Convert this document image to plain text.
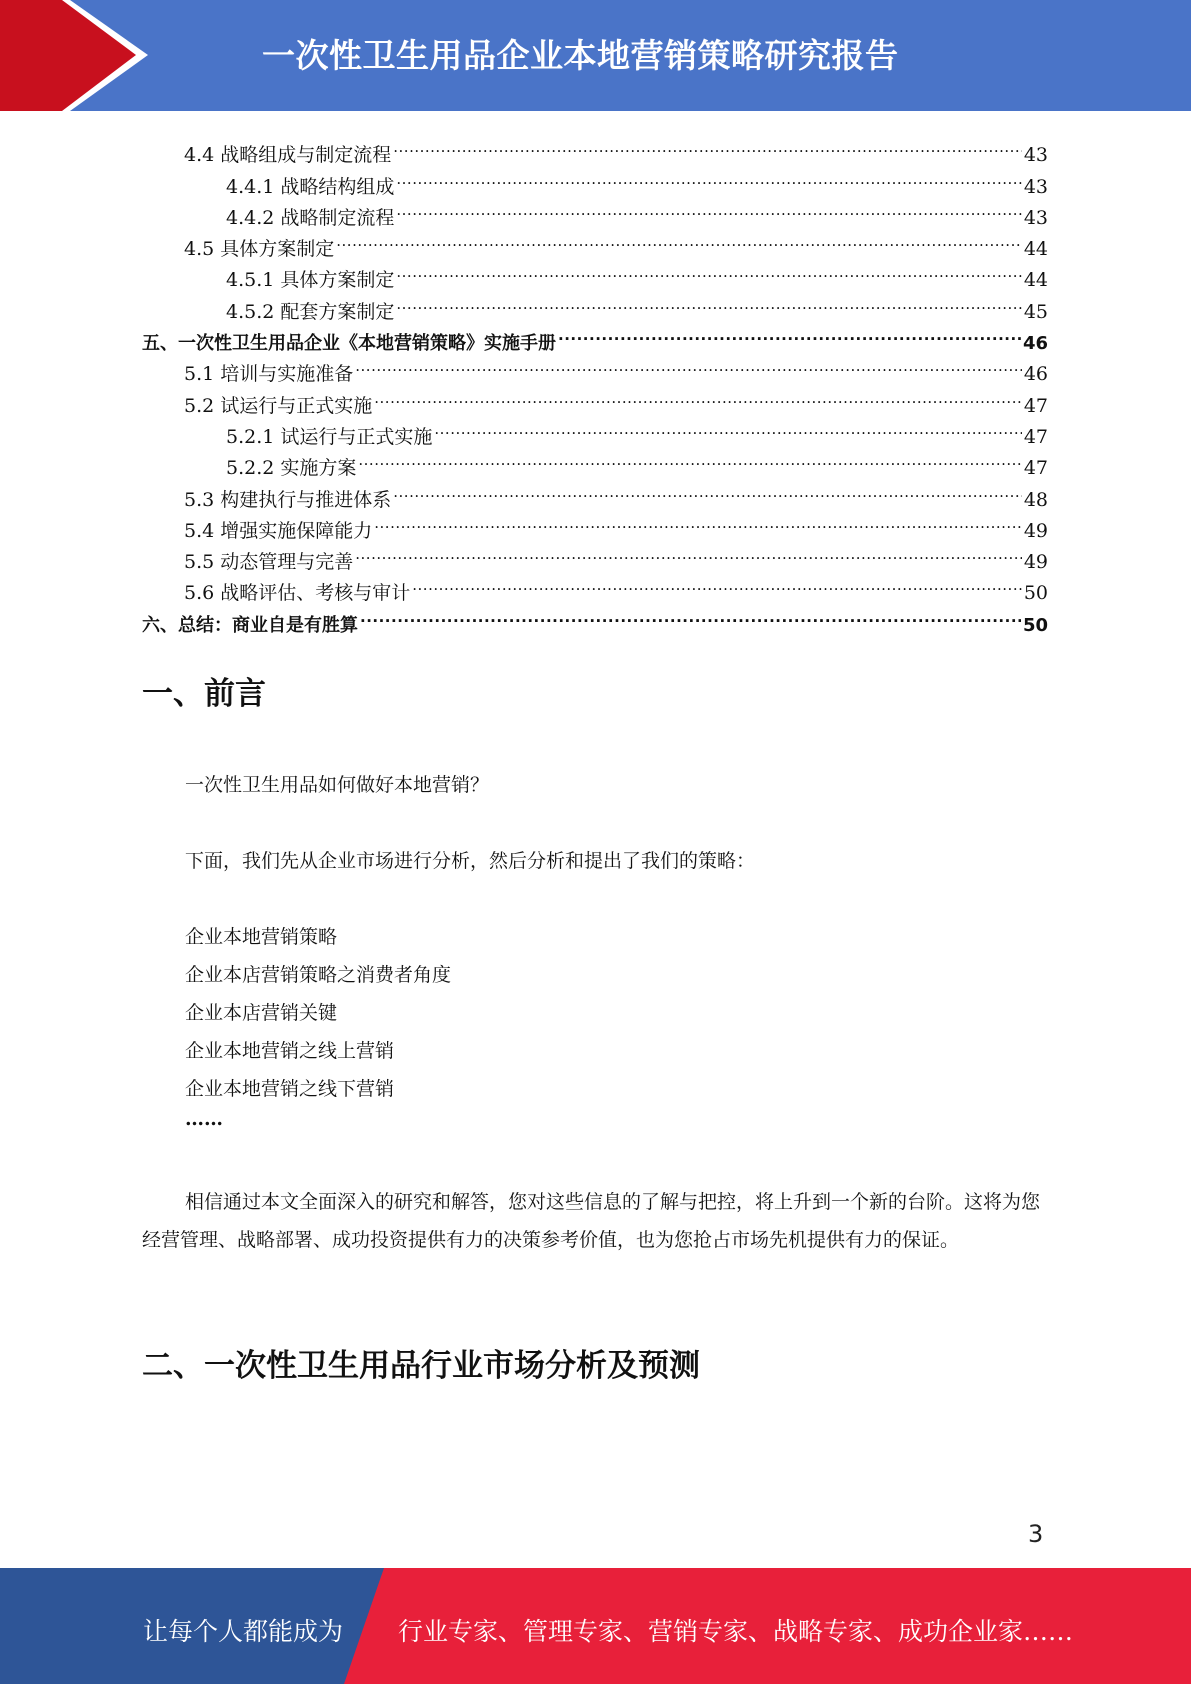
一次性卫生用品企业本地营销策略研究报告
4.4 战略组成与制定流程 .....	43
4.4.1 战略结构组成 .....	43
4.4.2 战略制定流程 .....	43
4.5 具体方案制定 .....	44
4.5.1 具体方案制定 .....	44
4.5.2 配套方案制定 .....	45
五、一次性卫生用品企业《本地营销策略》实施手册 .....	46
5.1 培训与实施准备 .....	46
5.2 试运行与正式实施 .....	47
5.2.1 试运行与正式实施 .....	47
5.2.2 实施方案 .....	47
5.3 构建执行与推进体系 .....	48
5.4 增强实施保障能力 .....	49
5.5 动态管理与完善 .....	49
5.6 战略评估、考核与审计 .....	50
六、总结：商业自是有胜算 .....	50
一、前言
一次性卫生用品如何做好本地营销？
下面，我们先从企业市场进行分析，然后分析和提出了我们的策略：
企业本地营销策略
企业本店营销策略之消费者角度
企业本店营销关键
企业本地营销之线上营销
企业本地营销之线下营销
……
相信通过本文全面深入的研究和解答，您对这些信息的了解与把控，将上升到一个新的台阶。这将为您经营管理、战略部署、成功投资提供有力的决策参考价值，也为您抢占市场先机提供有力的保证。
二、一次性卫生用品行业市场分析及预测
3
让每个人都能成为 行业专家、管理专家、营销专家、战略专家、成功企业家……
